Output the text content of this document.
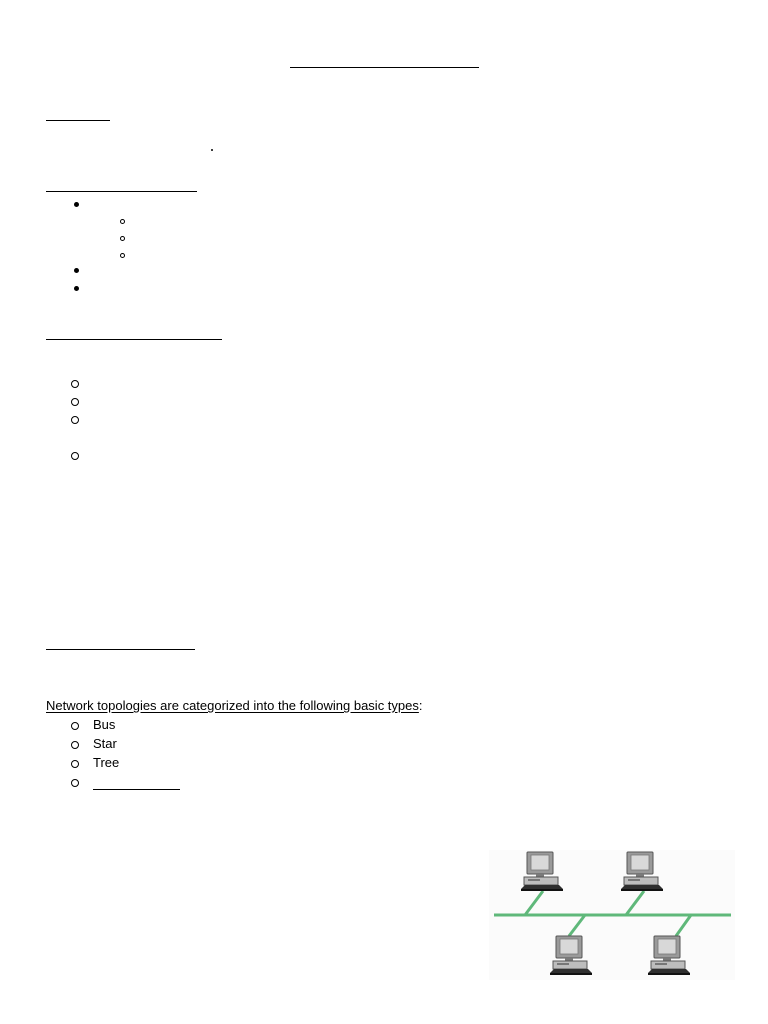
Network topologies are categorized into the following basic types:
Bus
Star
Tree
